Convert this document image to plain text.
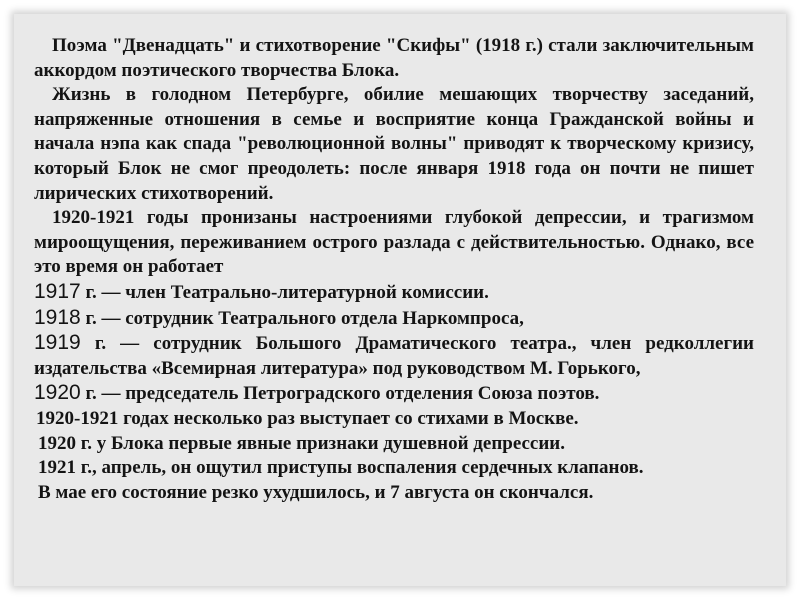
Поэма "Двенадцать" и стихотворение "Скифы" (1918 г.) стали заключительным аккордом поэтического творчества Блока.

Жизнь в голодном Петербурге, обилие мешающих творчеству заседаний, напряженные отношения в семье и восприятие конца Гражданской войны и начала нэпа как спада "революционной волны" приводят к творческому кризису, который Блок не смог преодолеть: после января 1918 года он почти не пишет лирических стихотворений.

1920-1921 годы пронизаны настроениями глубокой депрессии, и трагизмом мироощущения, переживанием острого разлада с действительностью. Однако, все это время он работает

1917 г. — член Театрально-литературной комиссии.

1918 г. — сотрудник Театрального отдела Наркомпроса,

1919 г. — сотрудник Большого Драматического театра., член редколлегии издательства «Всемирная литература» под руководством М. Горького,

1920 г. — председатель Петроградского отделения Союза поэтов.

1920-1921 годах несколько раз выступает со стихами в Москве.

1920 г. у Блока первые явные признаки душевной депрессии.

1921 г., апрель, он ощутил приступы воспаления сердечных клапанов.

В мае его состояние резко ухудшилось, и 7 августа он скончался.
